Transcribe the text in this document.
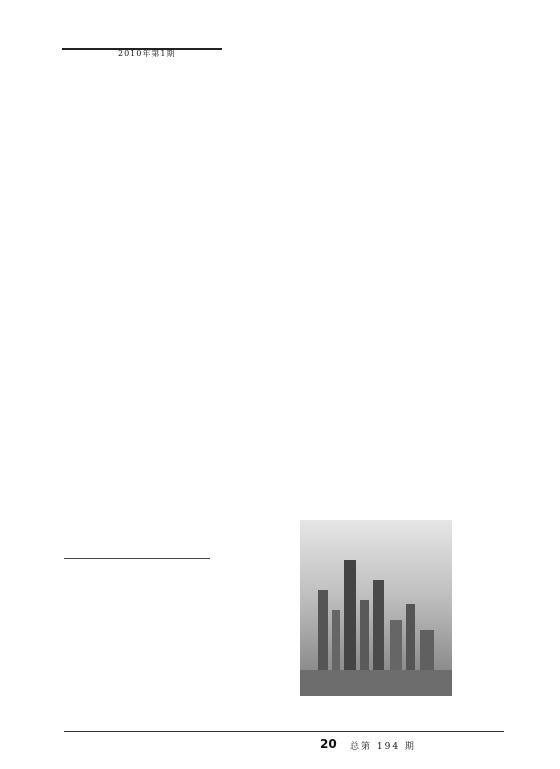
2010年第1期

20 总第 194 期
